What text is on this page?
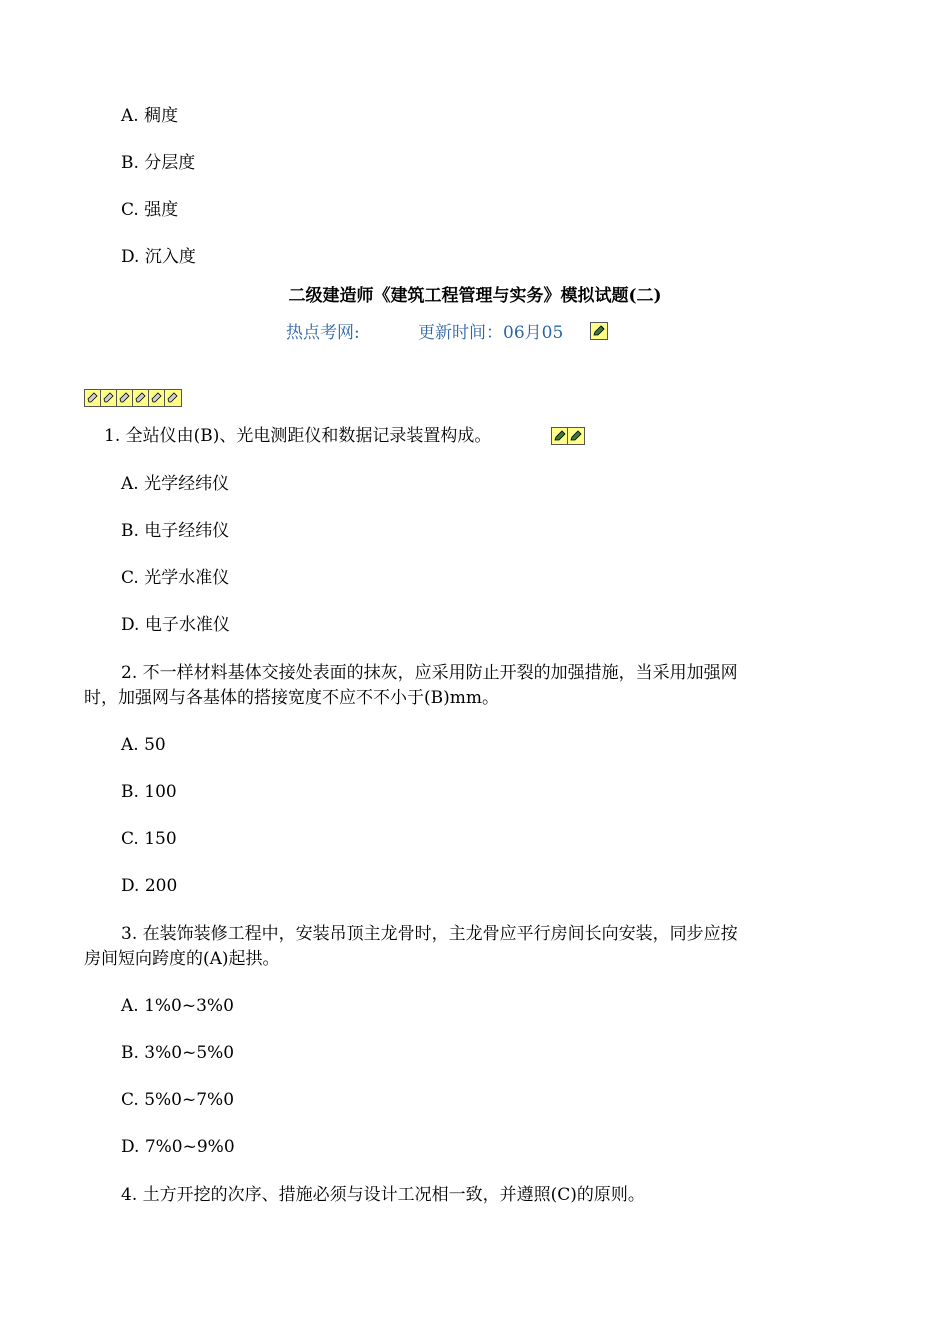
A. 稠度
B. 分层度
C. 强度
D. 沉入度
二级建造师《建筑工程管理与实务》模拟试题(二)
热点考网:	更新时间：06月05
1. 全站仪由(B)、光电测距仪和数据记录装置构成。
A. 光学经纬仪
B. 电子经纬仪
C. 光学水准仪
D. 电子水准仪
2. 不一样材料基体交接处表面的抹灰，应采用防止开裂的加强措施，当采用加强网
时，加强网与各基体的搭接宽度不应不不小于(B)mm。
A. 50
B. 100
C. 150
D. 200
3. 在装饰装修工程中，安装吊顶主龙骨时，主龙骨应平行房间长向安装，同步应按
房间短向跨度的(A)起拱。
A. 1%0~3%0
B. 3%0~5%0
C. 5%0~7%0
D. 7%0~9%0
4. 土方开挖的次序、措施必须与设计工况相一致，并遵照(C)的原则。
